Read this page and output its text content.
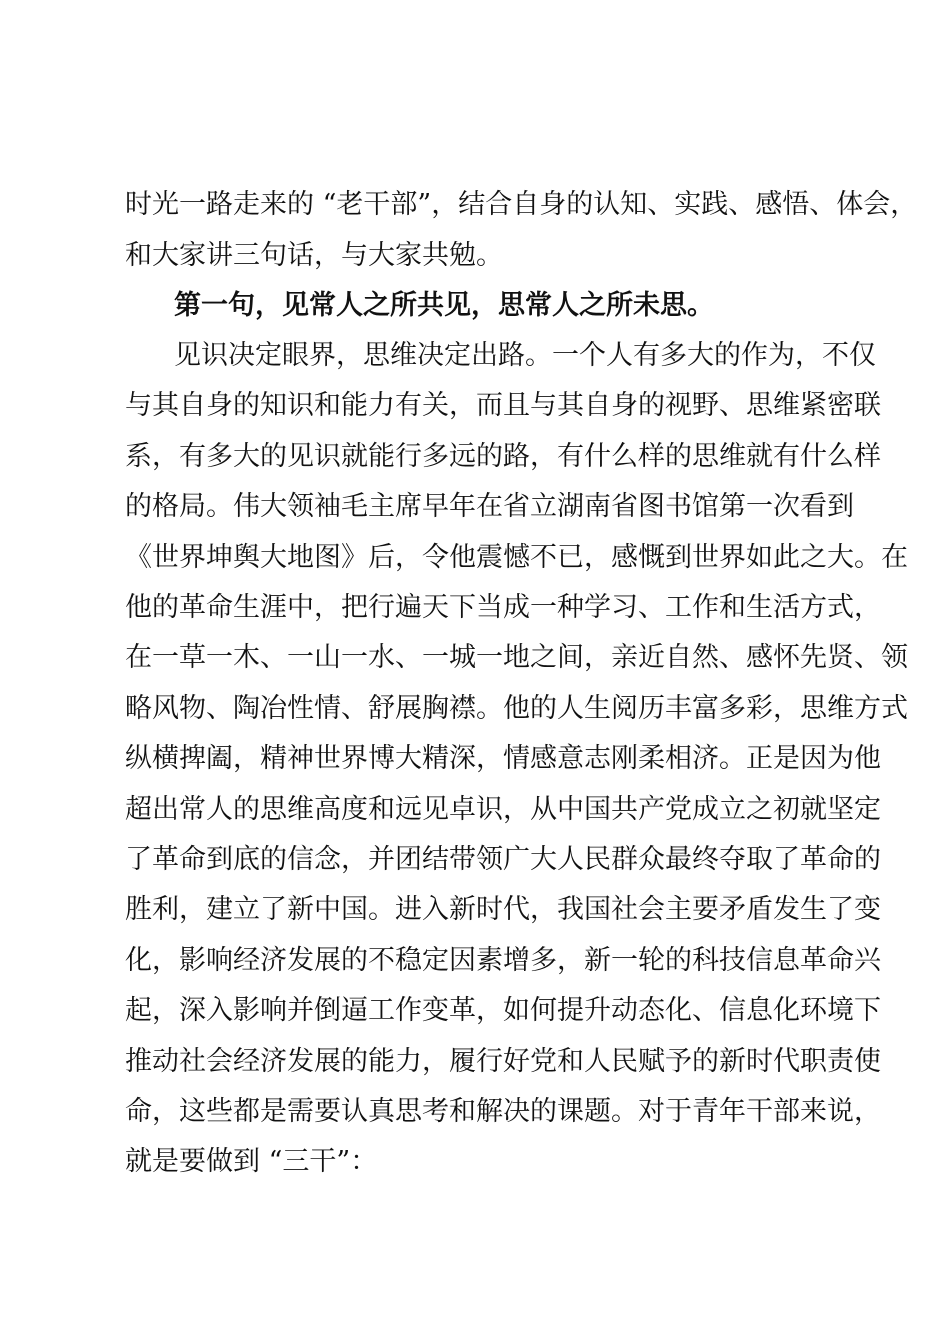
时光一路走来的 “老干部”，结合自身的认知、实践、感悟、体会，
和大家讲三句话，与大家共勉。
第一句，见常人之所共见，思常人之所未思。
见识决定眼界，思维决定出路。一个人有多大的作为，不仅
与其自身的知识和能力有关，而且与其自身的视野、思维紧密联
系，有多大的见识就能行多远的路，有什么样的思维就有什么样
的格局。伟大领袖毛主席早年在省立湖南省图书馆第一次看到
《世界坤舆大地图》后，令他震憾不已，感慨到世界如此之大。在
他的革命生涯中，把行遍天下当成一种学习、工作和生活方式，
在一草一木、一山一水、一城一地之间，亲近自然、感怀先贤、领
略风物、陶冶性情、舒展胸襟。他的人生阅历丰富多彩，思维方式
纵横捭阖，精神世界博大精深，情感意志刚柔相济。正是因为他
超出常人的思维高度和远见卓识，从中国共产党成立之初就坚定
了革命到底的信念，并团结带领广大人民群众最终夺取了革命的
胜利，建立了新中国。进入新时代，我国社会主要矛盾发生了变
化，影响经济发展的不稳定因素增多，新一轮的科技信息革命兴
起，深入影响并倒逼工作变革，如何提升动态化、信息化环境下
推动社会经济发展的能力，履行好党和人民赋予的新时代职责使
命，这些都是需要认真思考和解决的课题。对于青年干部来说，
就是要做到 “三干”：
